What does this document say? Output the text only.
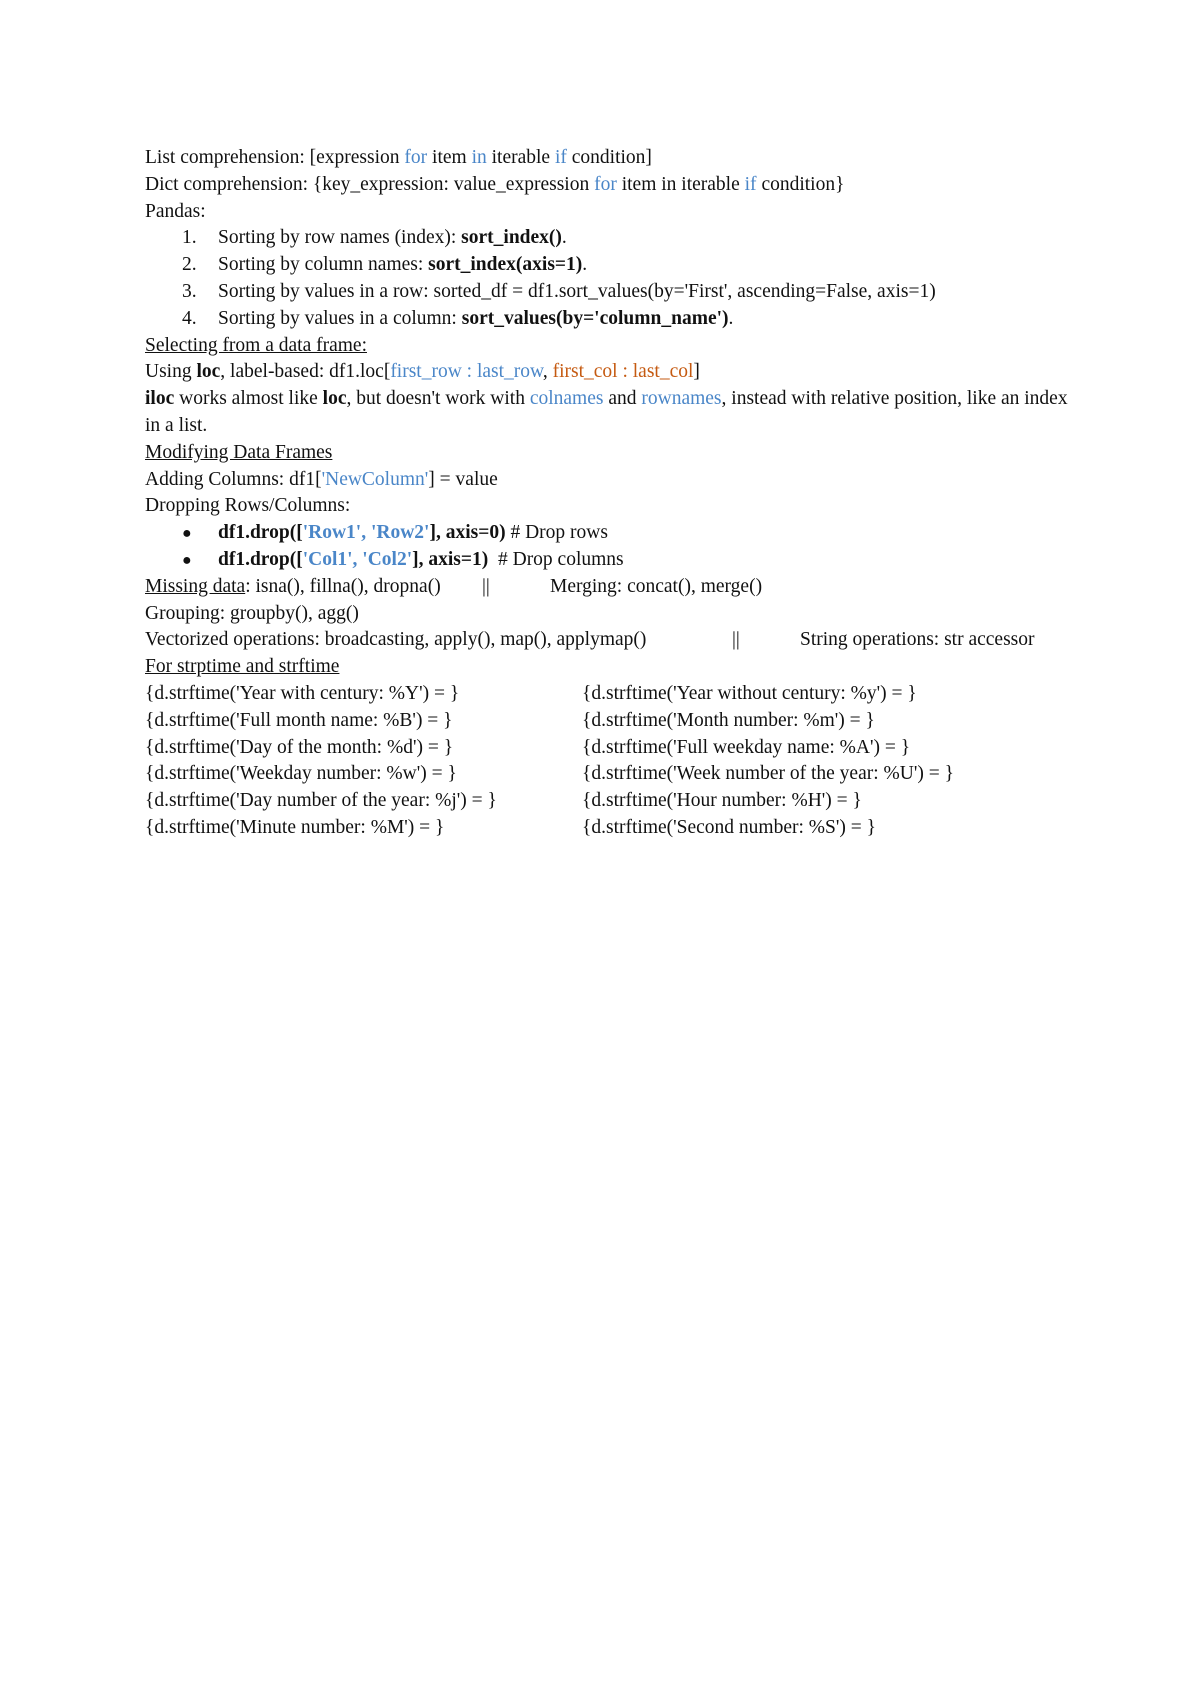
List comprehension: [expression for item in iterable if condition]
Dict comprehension: {key_expression: value_expression for item in iterable if condition}
Pandas:
1. Sorting by row names (index): sort_index().
2. Sorting by column names: sort_index(axis=1).
3. Sorting by values in a row: sorted_df = df1.sort_values(by='First', ascending=False, axis=1)
4. Sorting by values in a column: sort_values(by='column_name').
Selecting from a data frame:
Using loc, label-based: df1.loc[first_row : last_row, first_col : last_col]
iloc works almost like loc, but doesn't work with colnames and rownames, instead with relative position, like an index in a list.
Modifying Data Frames
Adding Columns: df1['NewColumn'] = value
Dropping Rows/Columns:
● df1.drop(['Row1', 'Row2'], axis=0) # Drop rows
● df1.drop(['Col1', 'Col2'], axis=1)  # Drop columns
Missing data: isna(), fillna(), dropna() ||	Merging: concat(), merge()
Grouping: groupby(), agg()
Vectorized operations: broadcasting, apply(), map(), applymap()	||	String operations: str accessor
For strptime and strftime
{d.strftime('Year with century: %Y') = }	{d.strftime('Year without century: %y') = }
{d.strftime('Full month name: %B') = }	{d.strftime('Month number: %m') = }
{d.strftime('Day of the month: %d') = }	{d.strftime('Full weekday name: %A') = }
{d.strftime('Weekday number: %w') = }	{d.strftime('Week number of the year: %U') = }
{d.strftime('Day number of the year: %j') = }	{d.strftime('Hour number: %H') = }
{d.strftime('Minute number: %M') = }	{d.strftime('Second number: %S') = }
